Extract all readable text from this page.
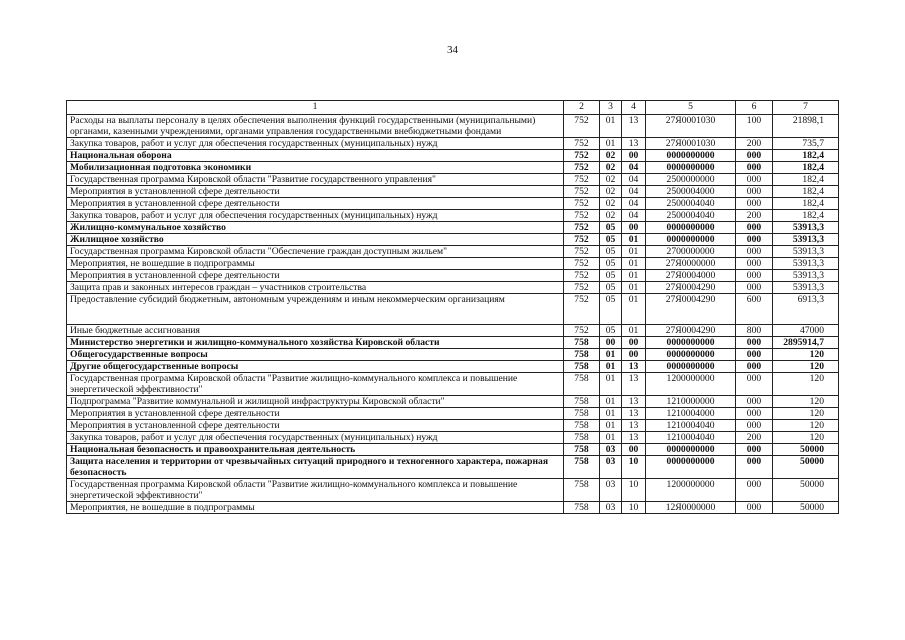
34
1	2	3	4	5	6	7
Расходы на выплаты персоналу в целях обеспечения выполнения функций государственными (муниципальными) органами, казенными учреждениями, органами управления государственными внебюджетными фондами	752	01	13	27Я0001030	100	21898,1
Закупка товаров, работ и услуг для обеспечения государственных (муниципальных) нужд	752	01	13	27Я0001030	200	735,7
Национальная оборона	752	02	00	0000000000	000	182,4
Мобилизационная подготовка экономики	752	02	04	0000000000	000	182,4
Государственная программа Кировской области "Развитие государственного управления"	752	02	04	2500000000	000	182,4
Мероприятия в установленной сфере деятельности	752	02	04	2500004000	000	182,4
Мероприятия в установленной сфере деятельности	752	02	04	2500004040	000	182,4
Закупка товаров, работ и услуг для обеспечения государственных (муниципальных) нужд	752	02	04	2500004040	200	182,4
Жилищно-коммунальное хозяйство	752	05	00	0000000000	000	53913,3
Жилищное хозяйство	752	05	01	0000000000	000	53913,3
Государственная программа Кировской области "Обеспечение граждан доступным жильем"	752	05	01	2700000000	000	53913,3
Мероприятия, не вошедшие в подпрограммы	752	05	01	27Я0000000	000	53913,3
Мероприятия в установленной сфере деятельности	752	05	01	27Я0004000	000	53913,3
Защита прав и законных интересов граждан – участников строительства	752	05	01	27Я0004290	000	53913,3
Предоставление субсидий бюджетным, автономным учреждениям и иным некоммерческим организациям	752	05	01	27Я0004290	600	6913,3
Иные бюджетные ассигнования	752	05	01	27Я0004290	800	47000
Министерство энергетики и жилищно-коммунального хозяйства Кировской области	758	00	00	0000000000	000	2895914,7
Общегосударственные вопросы	758	01	00	0000000000	000	120
Другие общегосударственные вопросы	758	01	13	0000000000	000	120
Государственная программа Кировской области "Развитие жилищно-коммунального комплекса и повышение энергетической эффективности"	758	01	13	1200000000	000	120
Подпрограмма "Развитие коммунальной и жилищной инфраструктуры Кировской области"	758	01	13	1210000000	000	120
Мероприятия в установленной сфере деятельности	758	01	13	1210004000	000	120
Мероприятия в установленной сфере деятельности	758	01	13	1210004040	000	120
Закупка товаров, работ и услуг для обеспечения государственных (муниципальных) нужд	758	01	13	1210004040	200	120
Национальная безопасность и правоохранительная деятельность	758	03	00	0000000000	000	50000
Защита населения и территории от чрезвычайных ситуаций природного и техногенного характера, пожарная безопасность	758	03	10	0000000000	000	50000
Государственная программа Кировской области "Развитие жилищно-коммунального комплекса и повышение энергетической эффективности"	758	03	10	1200000000	000	50000
Мероприятия, не вошедшие в подпрограммы	758	03	10	12Я0000000	000	50000
